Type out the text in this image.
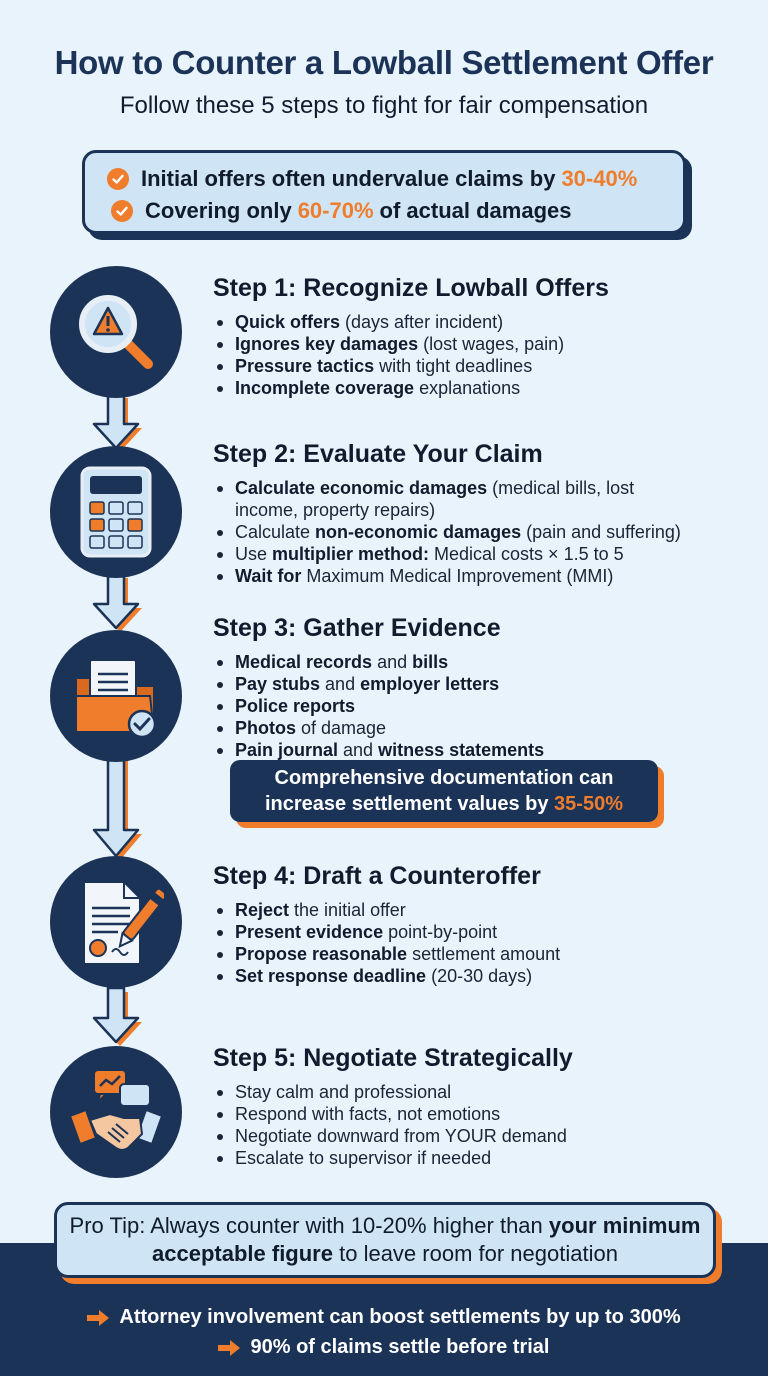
How to Counter a Lowball Settlement Offer
Follow these 5 steps to fight for fair compensation
Initial offers often undervalue claims by 30-40%
Covering only 60-70% of actual damages
Step 1: Recognize Lowball Offers
Quick offers (days after incident)
Ignores key damages (lost wages, pain)
Pressure tactics with tight deadlines
Incomplete coverage explanations
Step 2: Evaluate Your Claim
Calculate economic damages (medical bills, lost income, property repairs)
Calculate non-economic damages (pain and suffering)
Use multiplier method: Medical costs × 1.5 to 5
Wait for Maximum Medical Improvement (MMI)
Step 3: Gather Evidence
Medical records and bills
Pay stubs and employer letters
Police reports
Photos of damage
Pain journal and witness statements
Comprehensive documentation can
increase settlement values by 35-50%
Step 4: Draft a Counteroffer
Reject the initial offer
Present evidence point-by-point
Propose reasonable settlement amount
Set response deadline (20-30 days)
Step 5: Negotiate Strategically
Stay calm and professional
Respond with facts, not emotions
Negotiate downward from YOUR demand
Escalate to supervisor if needed
Pro Tip: Always counter with 10-20% higher than your minimum acceptable figure to leave room for negotiation
Attorney involvement can boost settlements by up to 300%
90% of claims settle before trial
